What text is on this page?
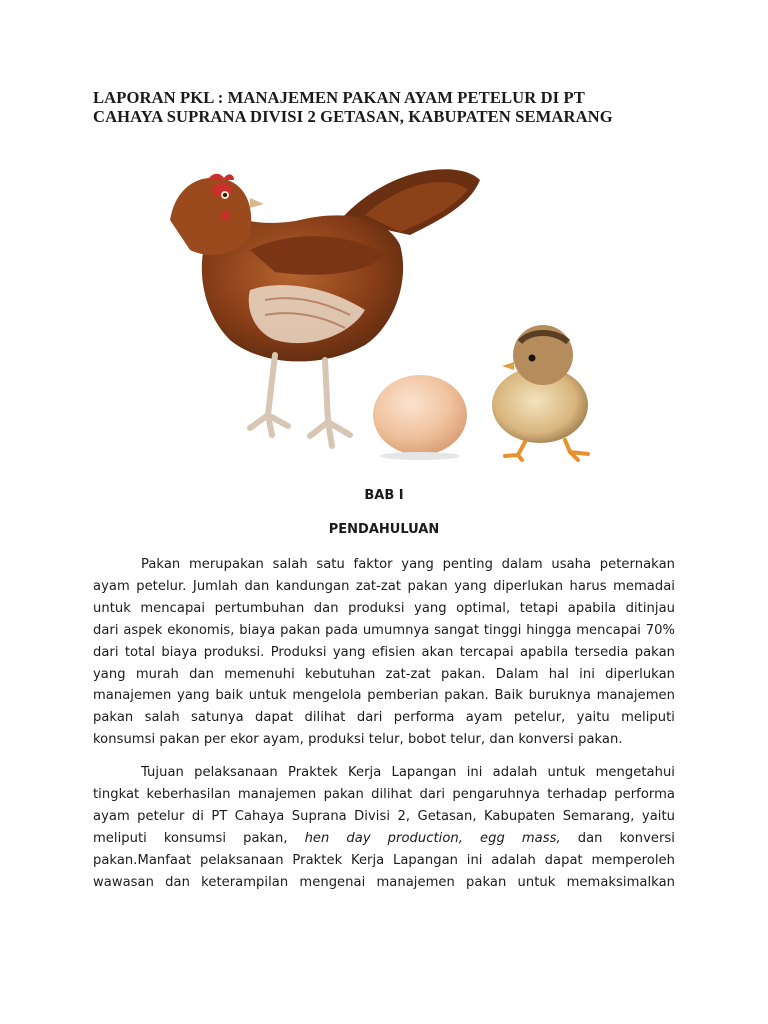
LAPORAN PKL : MANAJEMEN PAKAN AYAM PETELUR DI PT
CAHAYA SUPRANA DIVISI 2 GETASAN, KABUPATEN SEMARANG
BAB I
PENDAHULUAN
Pakan merupakan salah satu faktor yang penting dalam usaha peternakan
ayam petelur. Jumlah dan kandungan zat-zat pakan yang diperlukan harus memadai
untuk mencapai pertumbuhan dan produksi yang optimal, tetapi apabila ditinjau
dari aspek ekonomis, biaya pakan pada umumnya sangat tinggi hingga mencapai 70%
dari total biaya produksi. Produksi yang efisien akan tercapai apabila tersedia pakan
yang murah dan memenuhi kebutuhan zat-zat pakan. Dalam hal ini diperlukan
manajemen yang baik untuk mengelola pemberian pakan. Baik buruknya manajemen
pakan salah satunya dapat dilihat dari performa ayam petelur, yaitu meliputi
konsumsi pakan per ekor ayam, produksi telur, bobot telur, dan konversi pakan.
Tujuan pelaksanaan Praktek Kerja Lapangan ini adalah untuk mengetahui
tingkat keberhasilan manajemen pakan dilihat dari pengaruhnya terhadap performa
ayam petelur di PT Cahaya Suprana Divisi 2, Getasan, Kabupaten Semarang, yaitu
meliputi konsumsi pakan, hen day production, egg mass, dan konversi
pakan.Manfaat pelaksanaan Praktek Kerja Lapangan ini adalah dapat memperoleh
wawasan dan keterampilan mengenai manajemen pakan untuk memaksimalkan
